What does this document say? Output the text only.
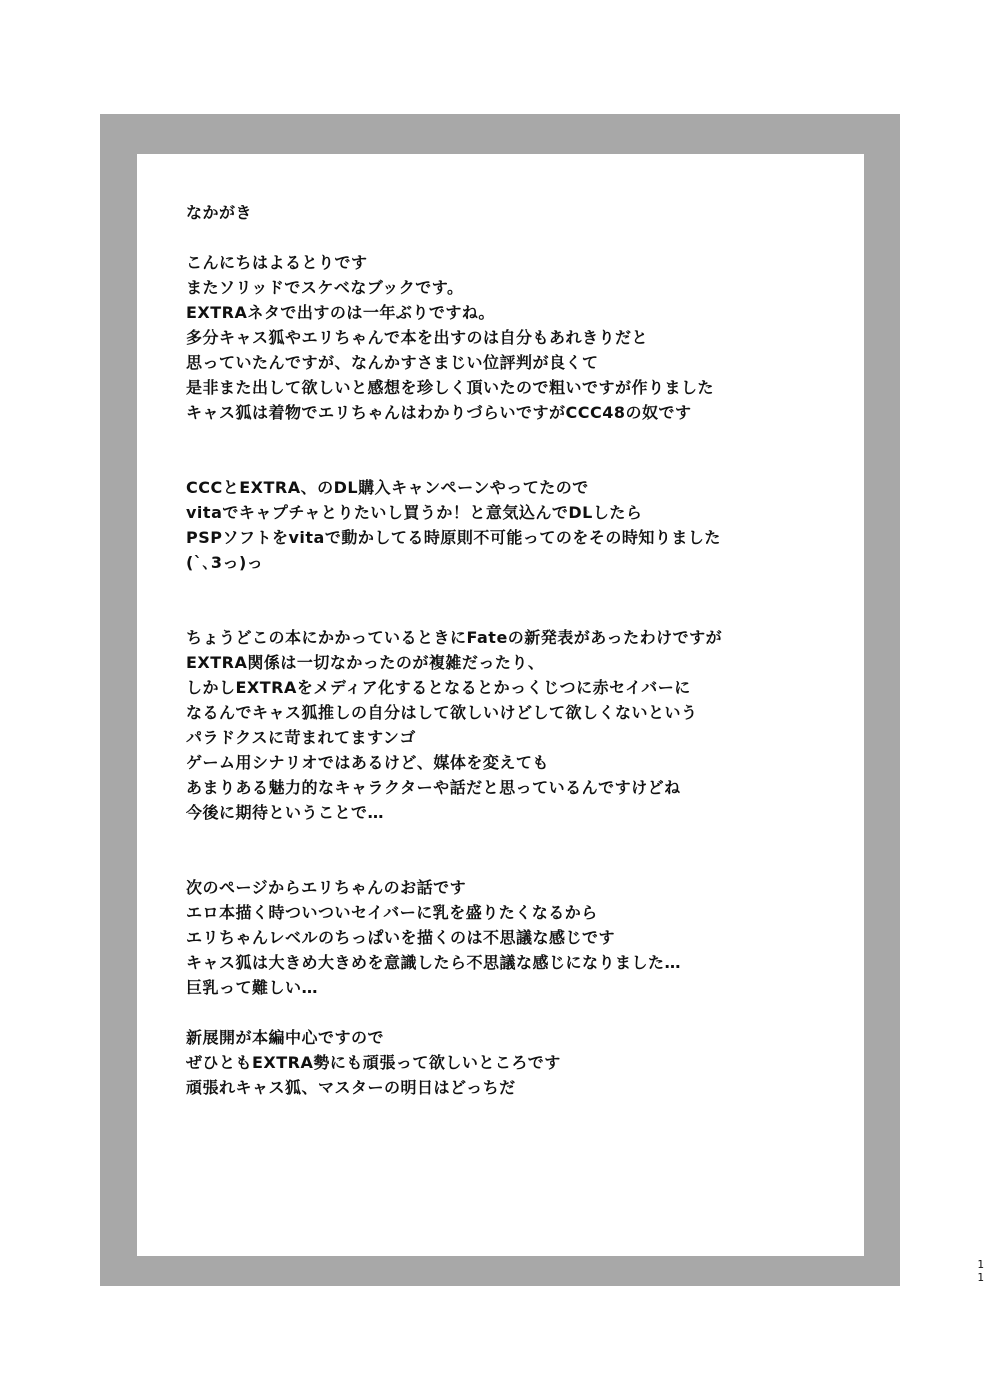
なかがき
こんにちはよるとりです
またソリッドでスケベなブックです。
EXTRAネタで出すのは一年ぶりですね。
多分キャス狐やエリちゃんで本を出すのは自分もあれきりだと
思っていたんですが、なんかすさまじい位評判が良くて
是非また出して欲しいと感想を珍しく頂いたので粗いですが作りました
キャス狐は着物でエリちゃんはわかりづらいですがCCC48の奴です
CCCとEXTRA、のDL購入キャンペーンやってたので
vitaでキャプチャとりたいし買うか！と意気込んでDLしたら
PSPソフトをvitaで動かしてる時原則不可能ってのをその時知りました
(`､3っ)っ
ちょうどこの本にかかっているときにFateの新発表があったわけですが
EXTRA関係は一切なかったのが複雑だったり、
しかしEXTRAをメディア化するとなるとかっくじつに赤セイバーに
なるんでキャス狐推しの自分はして欲しいけどして欲しくないという
パラドクスに苛まれてますンゴ
ゲーム用シナリオではあるけど、媒体を変えても
あまりある魅力的なキャラクターや話だと思っているんですけどね
今後に期待ということで…
次のページからエリちゃんのお話です
エロ本描く時ついついセイバーに乳を盛りたくなるから
エリちゃんレベルのちっぱいを描くのは不思議な感じです
キャス狐は大きめ大きめを意識したら不思議な感じになりました…
巨乳って難しい…
新展開が本編中心ですので
ぜひともEXTRA勢にも頑張って欲しいところです
頑張れキャス狐、マスターの明日はどっちだ
11
